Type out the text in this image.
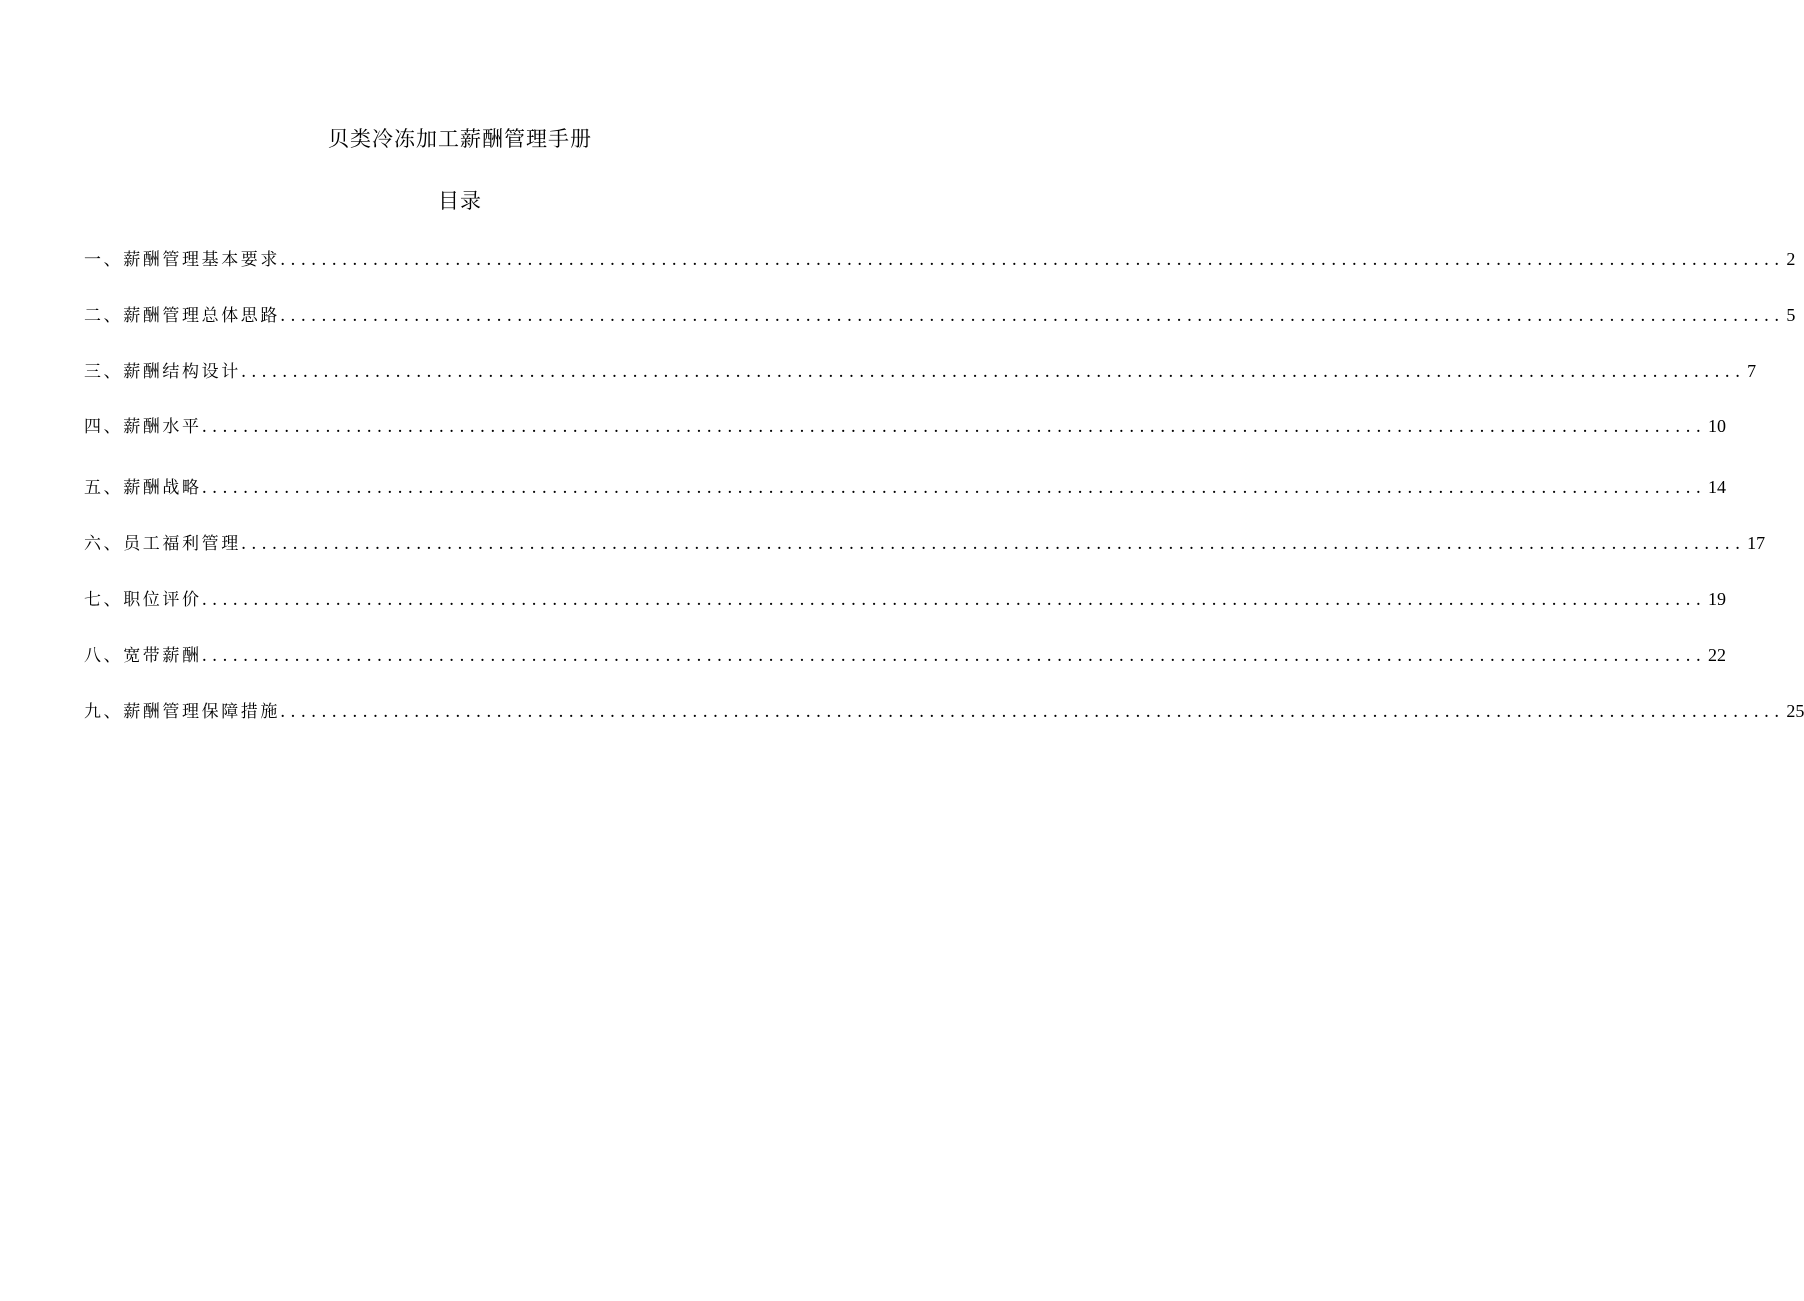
贝类冷冻加工薪酬管理手册
目录
一、薪酬管理基本要求 .................................................................................................................................................. 2
二、薪酬管理总体思路 .................................................................................................................................................. 5
三、薪酬结构设计 .................................................................................................................................................. 7
四、薪酬水平 .................................................................................................................................................. 10
五、薪酬战略 .................................................................................................................................................. 14
六、员工福利管理 .................................................................................................................................................. 17
七、职位评价 .................................................................................................................................................. 19
八、宽带薪酬 .................................................................................................................................................. 22
九、薪酬管理保障措施 .................................................................................................................................................. 25
